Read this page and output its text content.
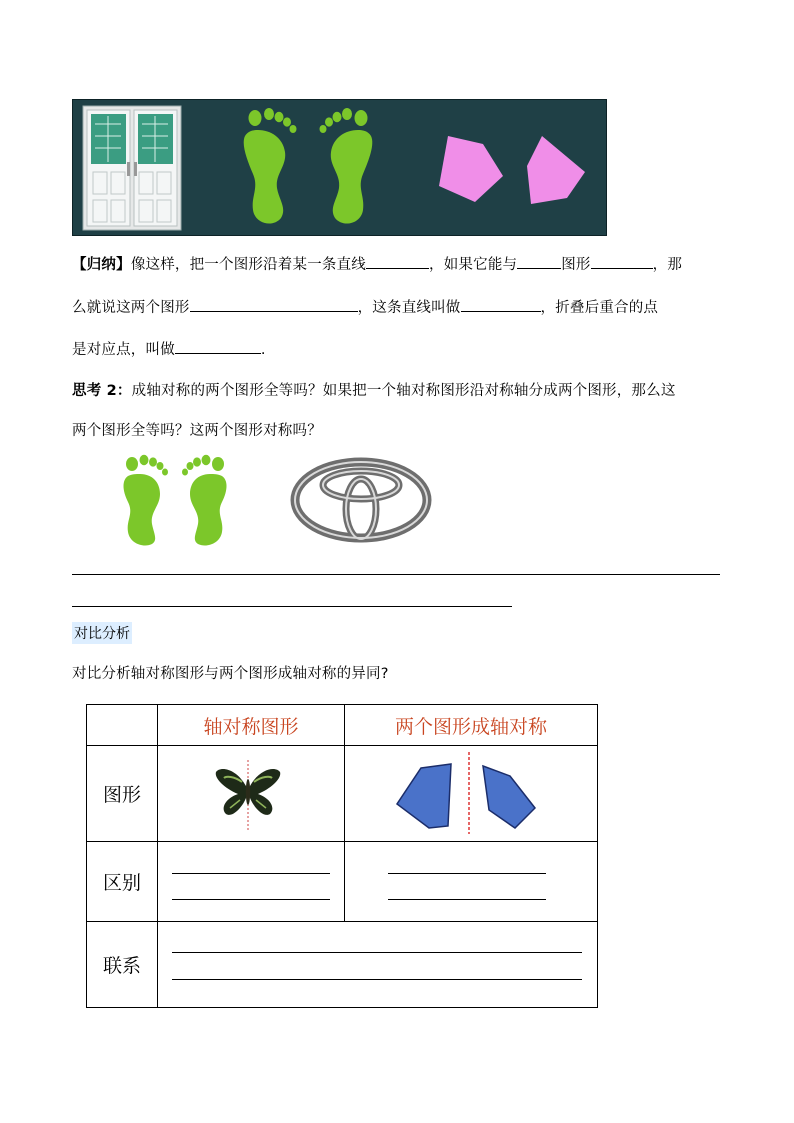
【归纳】像这样，把一个图形沿着某一条直线	，如果它能与	图形	，那
么就说这两个图形	，这条直线叫做	，折叠后重合的点
是对应点，叫做	.
思考 2：成轴对称的两个图形全等吗？如果把一个轴对称图形沿对称轴分成两个图形，那么这
两个图形全等吗？这两个图形对称吗？
对比分析
对比分析轴对称图形与两个图形成轴对称的异同?
	轴对称图形	两个图形成轴对称
图形	

区别	

联系		
